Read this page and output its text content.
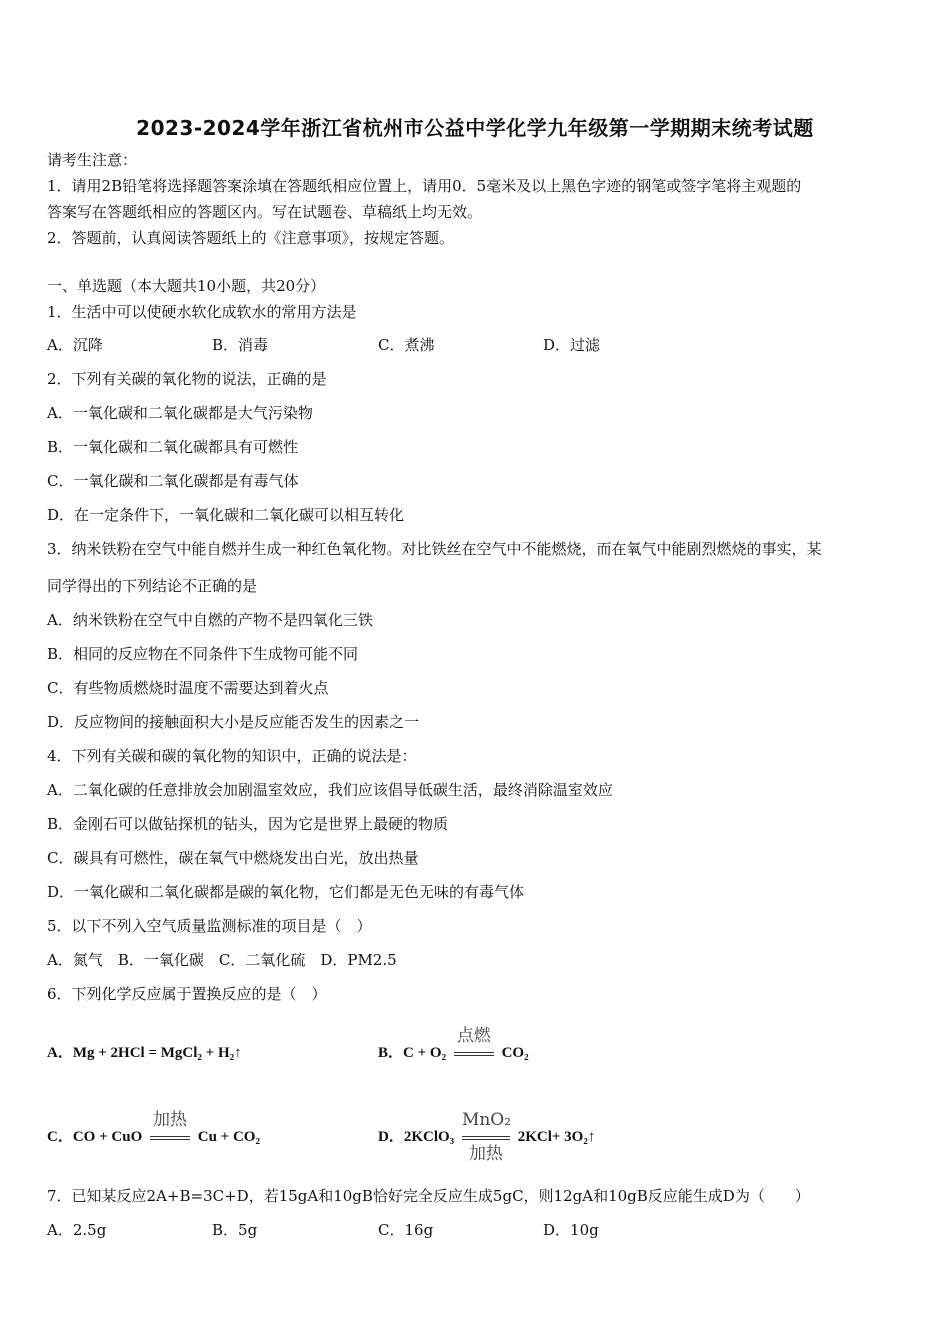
2023-2024学年浙江省杭州市公益中学化学九年级第一学期期末统考试题
请考生注意：
1．请用2B铅笔将选择题答案涂填在答题纸相应位置上，请用0．5毫米及以上黑色字迹的钢笔或签字笔将主观题的
答案写在答题纸相应的答题区内。写在试题卷、草稿纸上均无效。
2．答题前，认真阅读答题纸上的《注意事项》，按规定答题。
一、单选题（本大题共10小题，共20分）
1．生活中可以使硬水软化成软水的常用方法是
A．沉降	B．消毒	C．煮沸	D．过滤
2．下列有关碳的氧化物的说法，正确的是
A．一氧化碳和二氧化碳都是大气污染物
B．一氧化碳和二氧化碳都具有可燃性
C．一氧化碳和二氧化碳都是有毒气体
D．在一定条件下，一氧化碳和二氧化碳可以相互转化
3．纳米铁粉在空气中能自燃并生成一种红色氧化物。对比铁丝在空气中不能燃烧，而在氧气中能剧烈燃烧的事实，某
同学得出的下列结论不正确的是
A．纳米铁粉在空气中自燃的产物不是四氧化三铁
B．相同的反应物在不同条件下生成物可能不同
C．有些物质燃烧时温度不需要达到着火点
D．反应物间的接触面积大小是反应能否发生的因素之一
4．下列有关碳和碳的氧化物的知识中，正确的说法是：
A．二氧化碳的任意排放会加剧温室效应，我们应该倡导低碳生活，最终消除温室效应
B．金刚石可以做钻探机的钻头，因为它是世界上最硬的物质
C．碳具有可燃性，碳在氧气中燃烧发出白光，放出热量
D．一氧化碳和二氧化碳都是碳的氧化物，它们都是无色无味的有毒气体
5．以下不列入空气质量监测标准的项目是（　）
A．氮气　B．一氧化碳　C．二氧化硫　D．PM2.5
6．下列化学反应属于置换反应的是（　）
A．Mg + 2HCl = MgCl₂ + H₂↑	B．C + O₂
点燃
CO₂
C．CO + CuO
加热
Cu + CO₂	D．2KClO₃
MnO₂
加热
2KCl+ 3O₂↑
7．已知某反应2A+B=3C+D，若15gA和10gB恰好完全反应生成5gC，则12gA和10gB反应能生成D为（　　）
A．2.5g	B．5g	C．16g	D．10g
